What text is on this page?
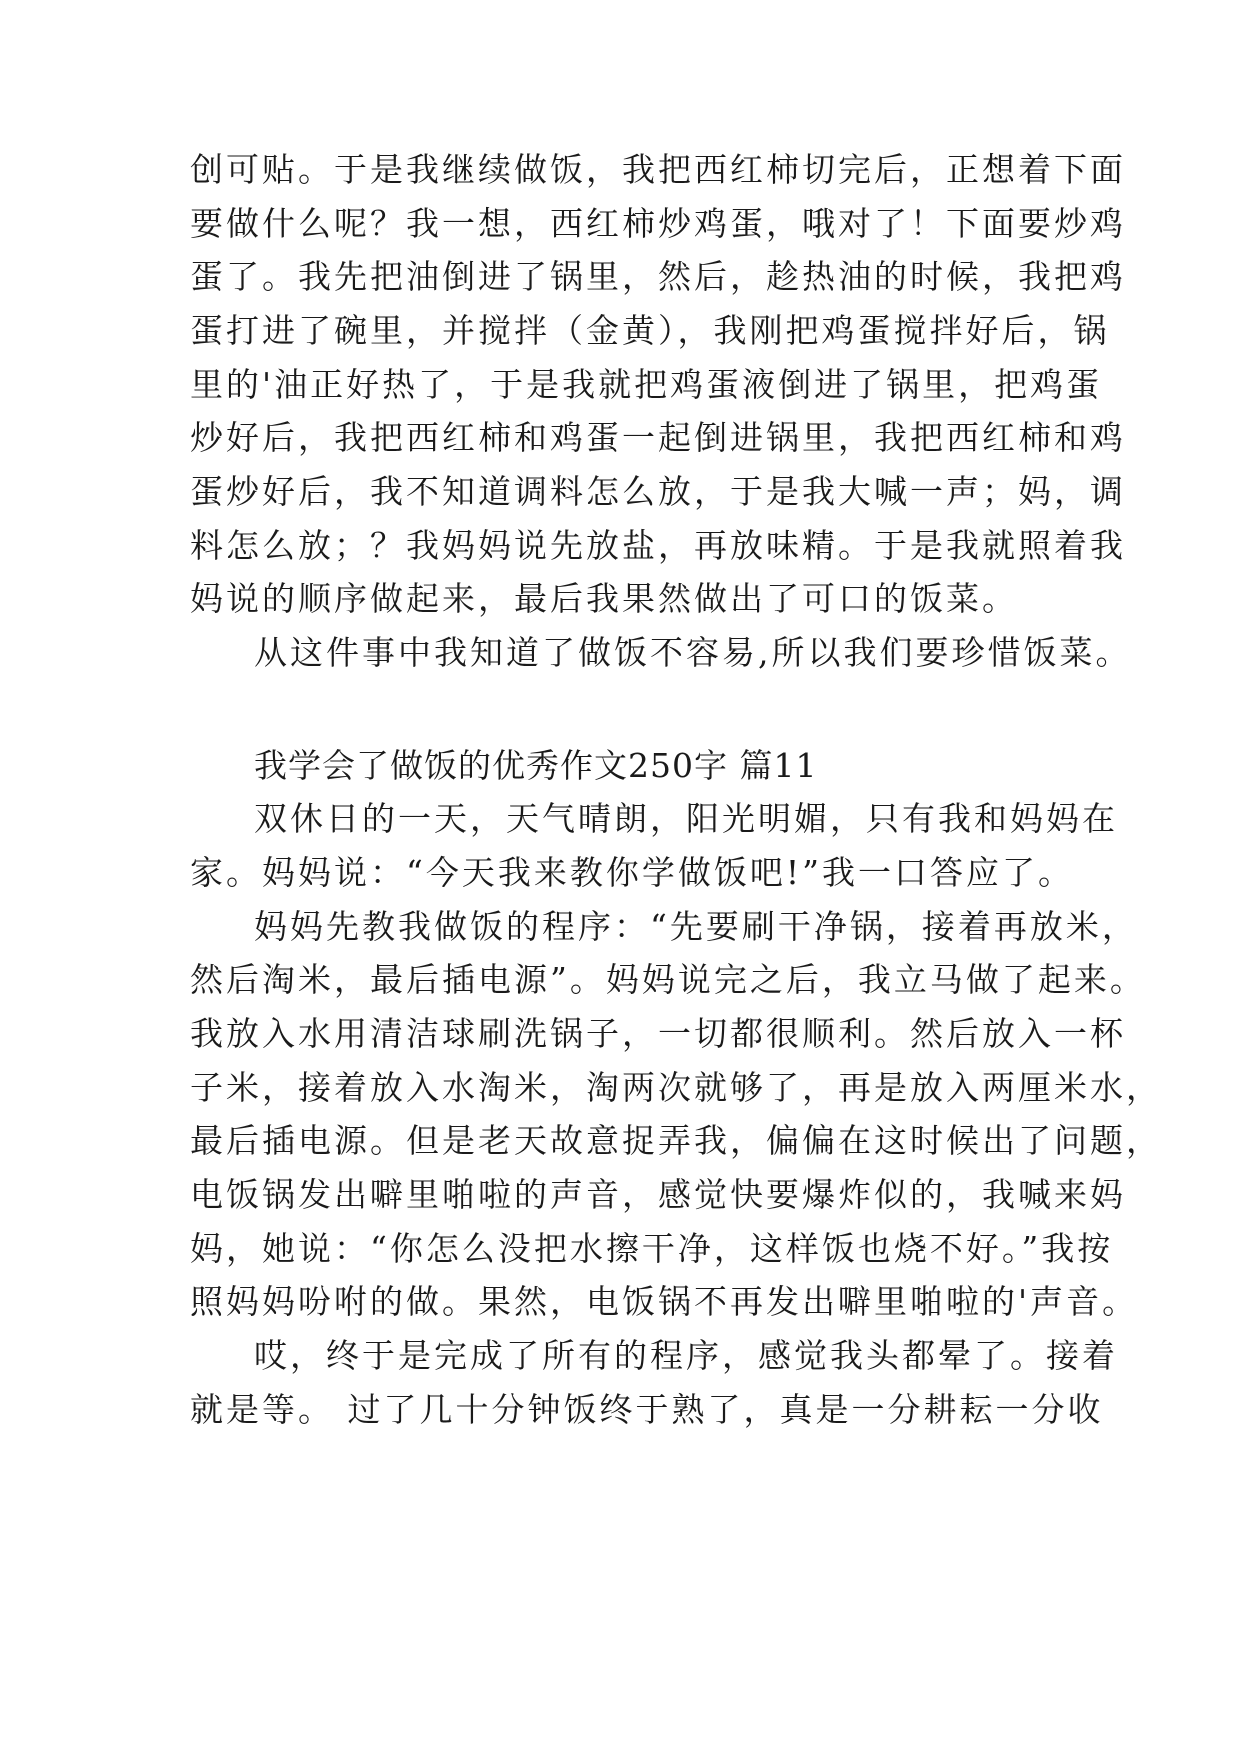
创可贴。于是我继续做饭，我把西红柿切完后，正想着下面
要做什么呢？我一想，西红柿炒鸡蛋，哦对了！下面要炒鸡
蛋了。我先把油倒进了锅里，然后，趁热油的时候，我把鸡
蛋打进了碗里，并搅拌（金黄），我刚把鸡蛋搅拌好后，锅
里的'油正好热了，于是我就把鸡蛋液倒进了锅里，把鸡蛋
炒好后，我把西红柿和鸡蛋一起倒进锅里，我把西红柿和鸡
蛋炒好后，我不知道调料怎么放，于是我大喊一声；妈，调
料怎么放；？我妈妈说先放盐，再放味精。于是我就照着我
妈说的顺序做起来，最后我果然做出了可口的饭菜。
从这件事中我知道了做饭不容易,所以我们要珍惜饭菜。
我学会了做饭的优秀作文250字 篇11
双休日的一天，天气晴朗，阳光明媚，只有我和妈妈在
家。妈妈说：“今天我来教你学做饭吧!”我一口答应了。
妈妈先教我做饭的程序：“先要刷干净锅，接着再放米，
然后淘米，最后插电源”。妈妈说完之后，我立马做了起来。
我放入水用清洁球刷洗锅子，一切都很顺利。然后放入一杯
子米，接着放入水淘米，淘两次就够了，再是放入两厘米水，
最后插电源。但是老天故意捉弄我，偏偏在这时候出了问题，
电饭锅发出噼里啪啦的声音，感觉快要爆炸似的，我喊来妈
妈，她说：“你怎么没把水擦干净，这样饭也烧不好。”我按
照妈妈吩咐的做。果然，电饭锅不再发出噼里啪啦的'声音。
哎，终于是完成了所有的程序，感觉我头都晕了。接着
就是等。 过了几十分钟饭终于熟了，真是一分耕耘一分收
